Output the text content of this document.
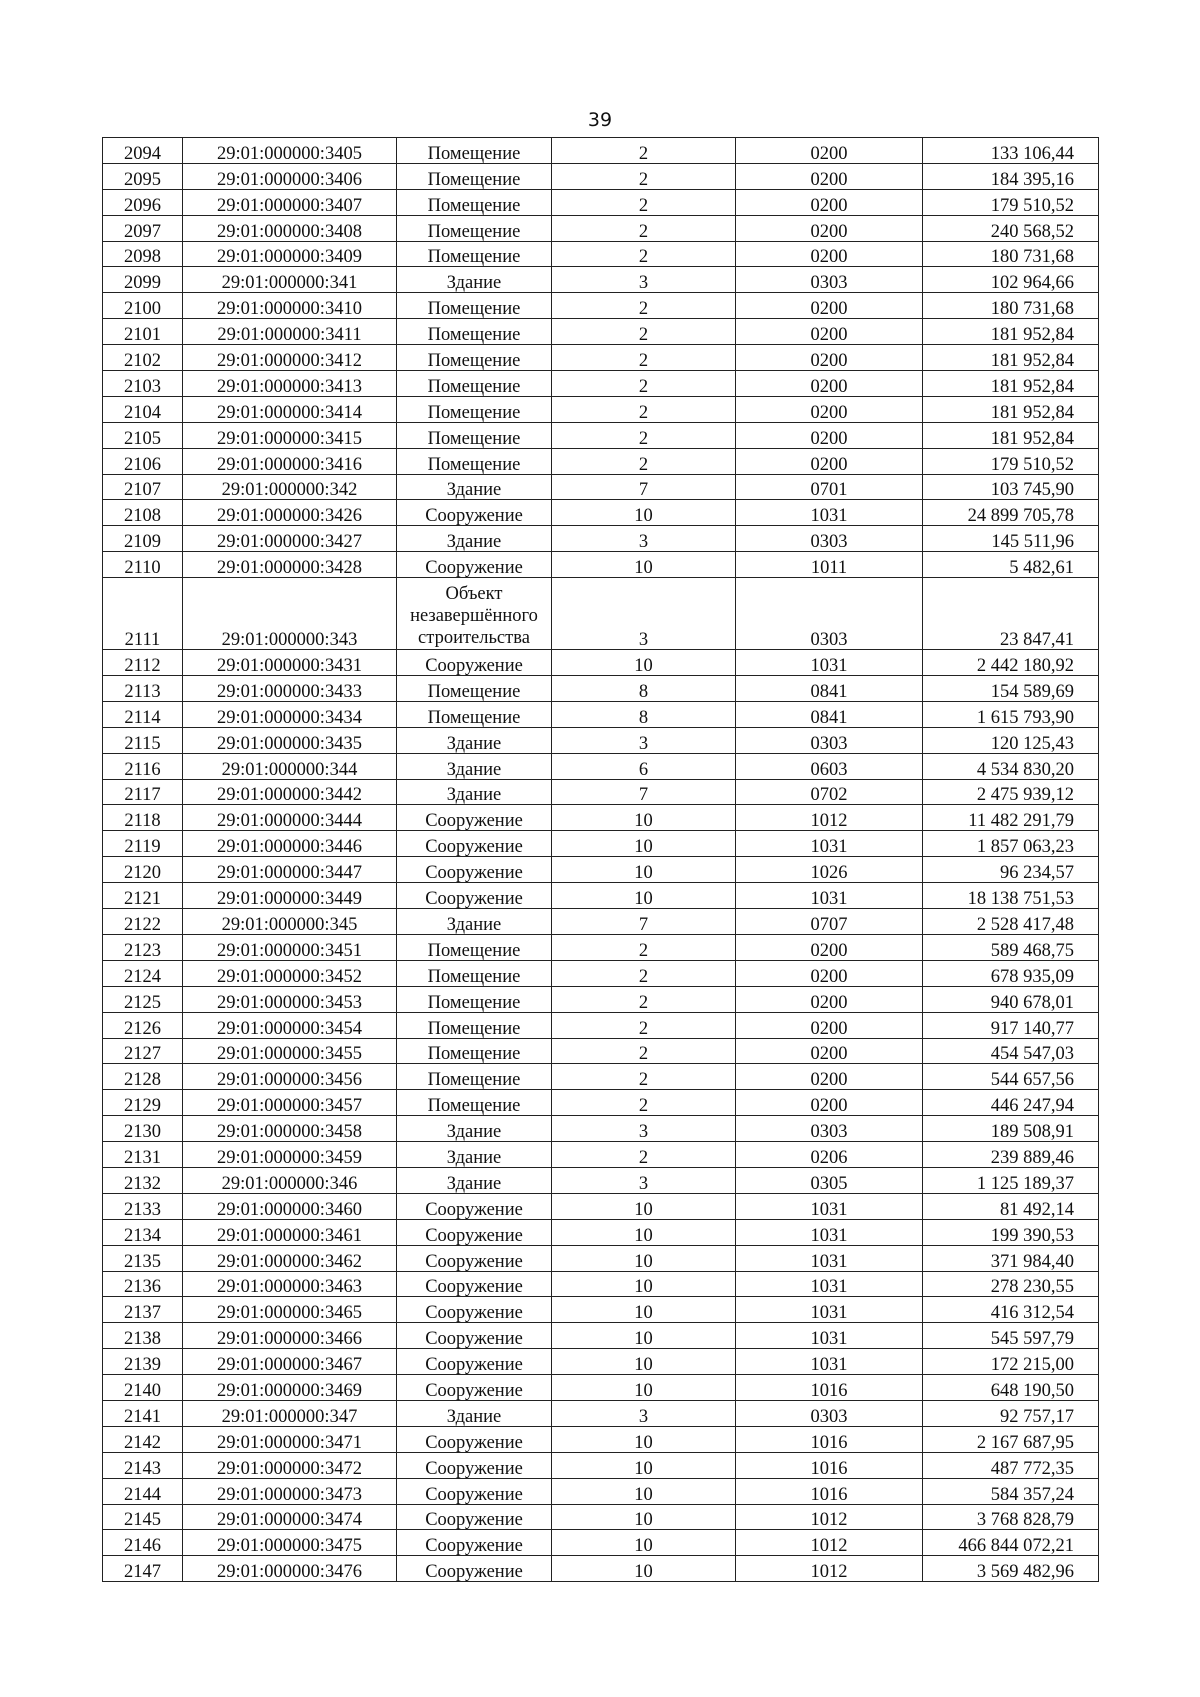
39
2094	29:01:000000:3405	Помещение	2	0200	133 106,44
2095	29:01:000000:3406	Помещение	2	0200	184 395,16
2096	29:01:000000:3407	Помещение	2	0200	179 510,52
2097	29:01:000000:3408	Помещение	2	0200	240 568,52
2098	29:01:000000:3409	Помещение	2	0200	180 731,68
2099	29:01:000000:341	Здание	3	0303	102 964,66
2100	29:01:000000:3410	Помещение	2	0200	180 731,68
2101	29:01:000000:3411	Помещение	2	0200	181 952,84
2102	29:01:000000:3412	Помещение	2	0200	181 952,84
2103	29:01:000000:3413	Помещение	2	0200	181 952,84
2104	29:01:000000:3414	Помещение	2	0200	181 952,84
2105	29:01:000000:3415	Помещение	2	0200	181 952,84
2106	29:01:000000:3416	Помещение	2	0200	179 510,52
2107	29:01:000000:342	Здание	7	0701	103 745,90
2108	29:01:000000:3426	Сооружение	10	1031	24 899 705,78
2109	29:01:000000:3427	Здание	3	0303	145 511,96
2110	29:01:000000:3428	Сооружение	10	1011	5 482,61
2111	29:01:000000:343	Объект незавершённого строительства	3	0303	23 847,41
2112	29:01:000000:3431	Сооружение	10	1031	2 442 180,92
2113	29:01:000000:3433	Помещение	8	0841	154 589,69
2114	29:01:000000:3434	Помещение	8	0841	1 615 793,90
2115	29:01:000000:3435	Здание	3	0303	120 125,43
2116	29:01:000000:344	Здание	6	0603	4 534 830,20
2117	29:01:000000:3442	Здание	7	0702	2 475 939,12
2118	29:01:000000:3444	Сооружение	10	1012	11 482 291,79
2119	29:01:000000:3446	Сооружение	10	1031	1 857 063,23
2120	29:01:000000:3447	Сооружение	10	1026	96 234,57
2121	29:01:000000:3449	Сооружение	10	1031	18 138 751,53
2122	29:01:000000:345	Здание	7	0707	2 528 417,48
2123	29:01:000000:3451	Помещение	2	0200	589 468,75
2124	29:01:000000:3452	Помещение	2	0200	678 935,09
2125	29:01:000000:3453	Помещение	2	0200	940 678,01
2126	29:01:000000:3454	Помещение	2	0200	917 140,77
2127	29:01:000000:3455	Помещение	2	0200	454 547,03
2128	29:01:000000:3456	Помещение	2	0200	544 657,56
2129	29:01:000000:3457	Помещение	2	0200	446 247,94
2130	29:01:000000:3458	Здание	3	0303	189 508,91
2131	29:01:000000:3459	Здание	2	0206	239 889,46
2132	29:01:000000:346	Здание	3	0305	1 125 189,37
2133	29:01:000000:3460	Сооружение	10	1031	81 492,14
2134	29:01:000000:3461	Сооружение	10	1031	199 390,53
2135	29:01:000000:3462	Сооружение	10	1031	371 984,40
2136	29:01:000000:3463	Сооружение	10	1031	278 230,55
2137	29:01:000000:3465	Сооружение	10	1031	416 312,54
2138	29:01:000000:3466	Сооружение	10	1031	545 597,79
2139	29:01:000000:3467	Сооружение	10	1031	172 215,00
2140	29:01:000000:3469	Сооружение	10	1016	648 190,50
2141	29:01:000000:347	Здание	3	0303	92 757,17
2142	29:01:000000:3471	Сооружение	10	1016	2 167 687,95
2143	29:01:000000:3472	Сооружение	10	1016	487 772,35
2144	29:01:000000:3473	Сооружение	10	1016	584 357,24
2145	29:01:000000:3474	Сооружение	10	1012	3 768 828,79
2146	29:01:000000:3475	Сооружение	10	1012	466 844 072,21
2147	29:01:000000:3476	Сооружение	10	1012	3 569 482,96
